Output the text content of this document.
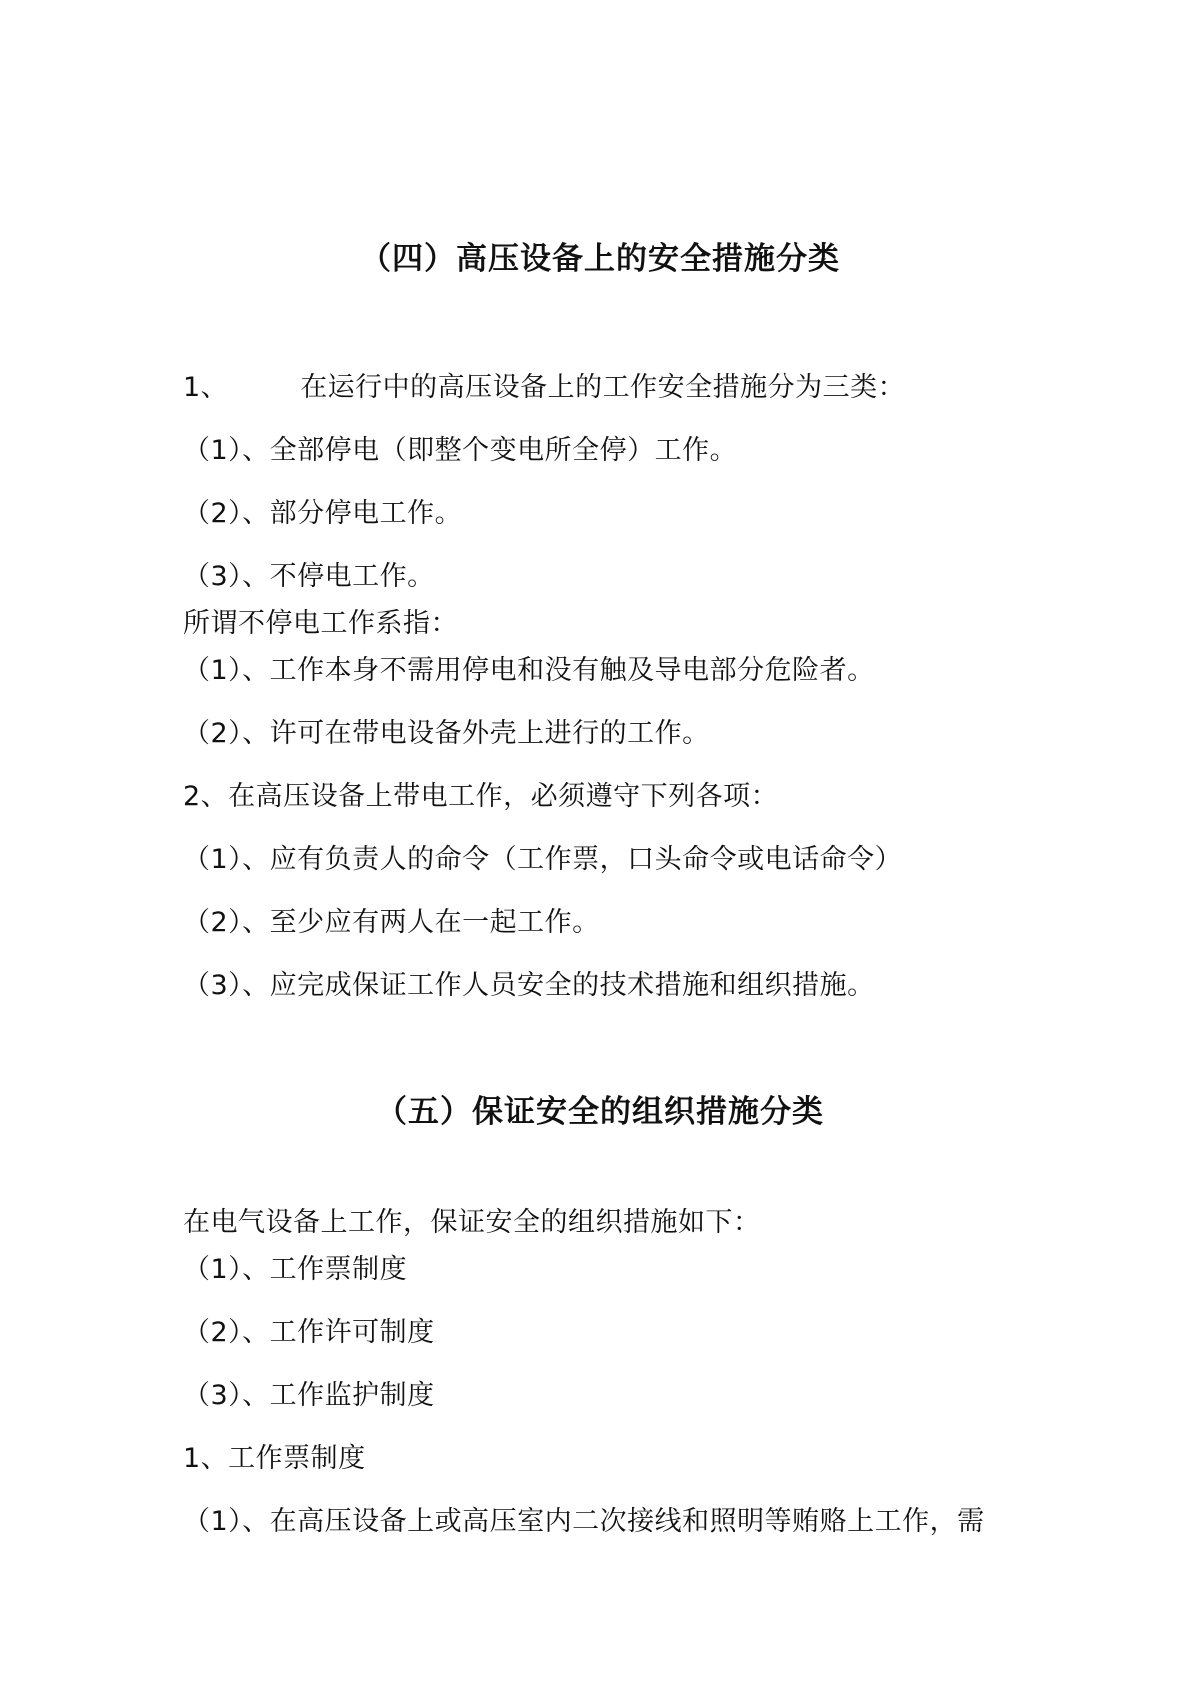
（四）高压设备上的安全措施分类
1、	在运行中的高压设备上的工作安全措施分为三类：
（1）、全部停电（即整个变电所全停）工作。
（2）、部分停电工作。
（3）、不停电工作。
所谓不停电工作系指：
（1）、工作本身不需用停电和没有触及导电部分危险者。
（2）、许可在带电设备外壳上进行的工作。
2、在高压设备上带电工作，必须遵守下列各项：
（1）、应有负责人的命令（工作票，口头命令或电话命令）
（2）、至少应有两人在一起工作。
（3）、应完成保证工作人员安全的技术措施和组织措施。
（五）保证安全的组织措施分类
在电气设备上工作，保证安全的组织措施如下：
（1）、工作票制度
（2）、工作许可制度
（3）、工作监护制度
1、工作票制度
（1）、在高压设备上或高压室内二次接线和照明等贿赂上工作，需
